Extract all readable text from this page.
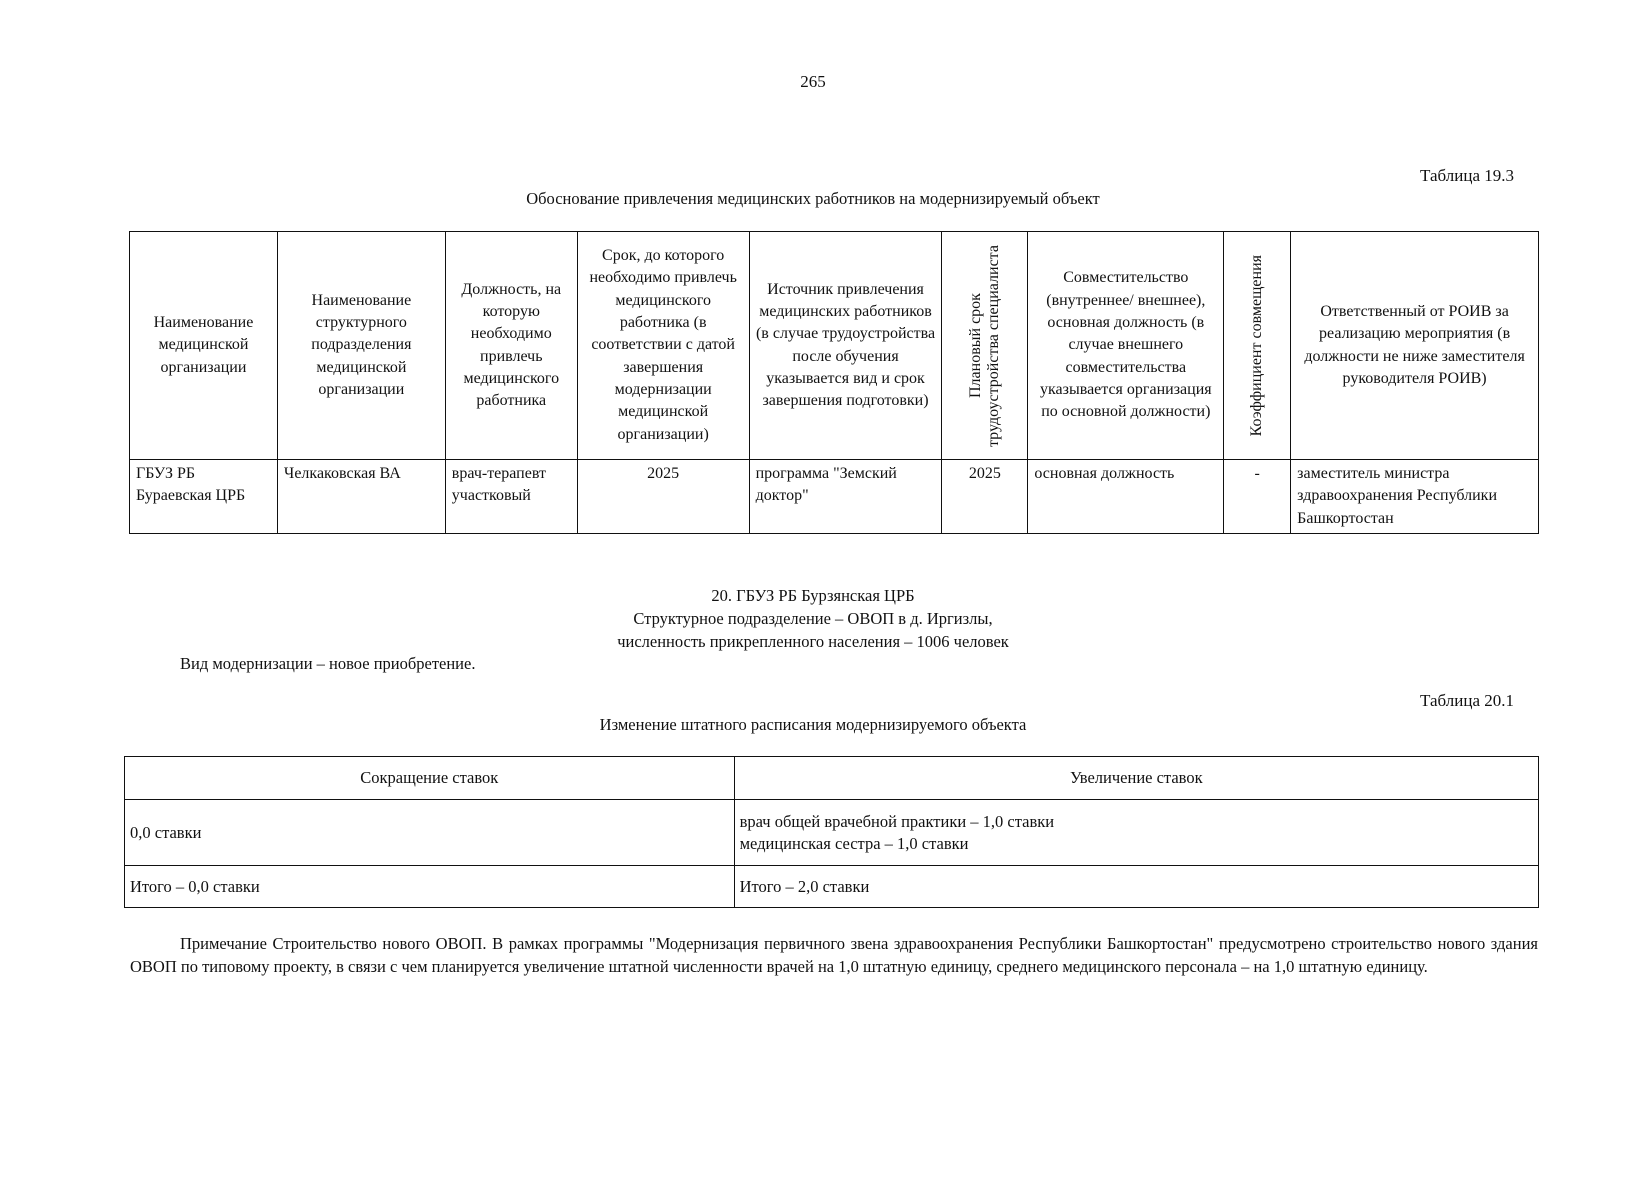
265
Таблица 19.3
Обоснование привлечения медицинских работников на модернизируемый объект
Наименование медицинской организации	Наименование структурного подразделения медицинской организации	Должность, на которую необходимо привлечь медицинского работника	Срок, до которого необходимо привлечь медицинского работника (в соответствии с датой завершения модернизации медицинской организации)	Источник привлечения медицинских работников (в случае трудоустройства после обучения указывается вид и срок завершения подготовки)	Плановый срок трудоустройства специалиста	Совместительство (внутреннее/ внешнее), основная должность (в случае внешнего совместительства указывается организация по основной должности)	Коэффициент совмещения	Ответственный от РОИВ за реализацию мероприятия (в должности не ниже заместителя руководителя РОИВ)
ГБУЗ РБ Бураевская ЦРБ	Челкаковская ВА	врач-терапевт участковый	2025	программа "Земский доктор"	2025	основная должность	-	заместитель министра здравоохранения Республики Башкортостан
20. ГБУЗ РБ Бурзянская ЦРБ
Структурное подразделение – ОВОП в д. Иргизлы,
численность прикрепленного населения – 1006 человек
Вид модернизации – новое приобретение.
Таблица 20.1
Изменение штатного расписания модернизируемого объекта
Сокращение ставок	Увеличение ставок
0,0 ставки	врач общей врачебной практики – 1,0 ставки
медицинская сестра – 1,0 ставки

Итого – 0,0 ставки	Итого – 2,0 ставки
Примечание Строительство нового ОВОП. В рамках программы "Модернизация первичного звена здравоохранения Республики Башкортостан" предусмотрено строительство нового здания ОВОП по типовому проекту, в связи с чем планируется увеличение штатной численности врачей на 1,0 штатную единицу, среднего медицинского персонала – на 1,0 штатную единицу.
